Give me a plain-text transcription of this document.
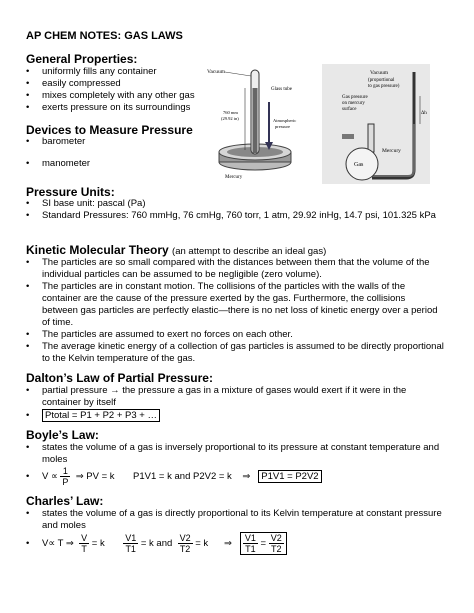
AP CHEM NOTES: GAS LAWS
General Properties:
• uniformly fills any container
• easily compressed
• mixes completely with any other gas
• exerts pressure on its surroundings
Devices to Measure Pressure
• barometer
• manometer
Vacuum
Glass tube
760 mm
(29.92 in)	Atmospheric
pressure
Mercury
Vacuum
(proportional
to gas pressure)
Gas pressure
on mercury
surface
Δh
Mercury
Gas
Pressure Units:
• SI base unit: pascal (Pa)
• Standard Pressures: 760 mmHg, 76 cmHg, 760 torr, 1 atm, 29.92 inHg, 14.7 psi, 101.325 kPa
Kinetic Molecular Theory (an attempt to describe an ideal gas)
• The particles are so small compared with the distances between them that the volume of the
individual particles can be assumed to be negligible (zero volume).
• The particles are in constant motion. The collisions of the particles with the walls of the
container are the cause of the pressure exerted by the gas. Furthermore, the collisions
between gas particles are perfectly elastic—there is no net loss of kinetic energy over a period
of time.
• The particles are assumed to exert no forces on each other.
• The average kinetic energy of a collection of gas particles is assumed to be directly proportional
to the Kelvin temperature of the gas.
Dalton’s Law of Partial Pressure:
• partial pressure → the pressure a gas in a mixture of gases would exert if it were in the
container by itself
• Ptotal = P1 + P2 + P3 + …
Boyle’s Law:
• states the volume of a gas is inversely proportional to its pressure at constant temperature and
moles
• $V \propto \frac{1}{P}$ ⇒ PV = k P1V1 = k and P2V2 = k ⇒ P1V1 = P2V2
Charles’ Law:
• states the volume of a gas is directly proportional to its Kelvin temperature at constant pressure
and moles
• V∝ T ⇒ $\frac{V}{T} = k \frac{V1}{T1} = k$ and $\frac{V2}{T2} = k$ ⇒ $\frac{V1}{T1} = \frac{V2}{T2}$
